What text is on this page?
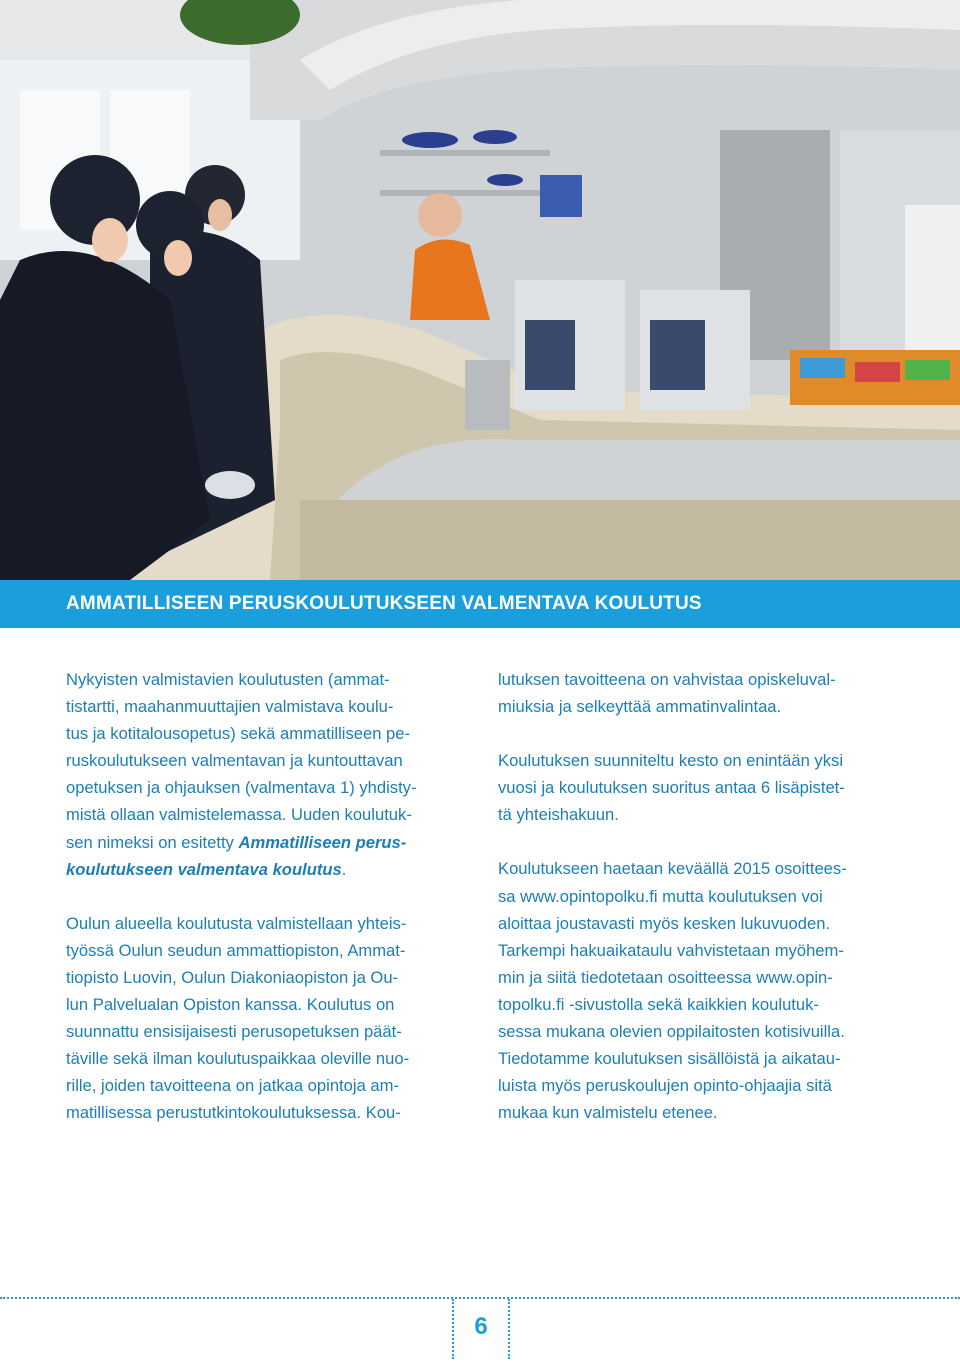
AMMATILLISEEN PERUSKOULUTUKSEEN VALMENTAVA KOULUTUS

Nykyisten valmistavien koulutusten (ammat-
tistartti, maahanmuuttajien valmistava koulu-
tus ja kotitalousopetus) sekä ammatilliseen pe-
ruskoulutukseen valmentavan ja kuntouttavan
opetuksen ja ohjauksen (valmentava 1) yhdisty-
mistä ollaan valmistelemassa. Uuden koulutuk-
sen nimeksi on esitetty Ammatilliseen perus-
koulutukseen valmentava koulutus.

Oulun alueella koulutusta valmistellaan yhteis-
työssä Oulun seudun ammattiopiston, Ammat-
tiopisto Luovin, Oulun Diakoniaopiston ja Ou-
lun Palvelualan Opiston kanssa. Koulutus on
suunnattu ensisijaisesti perusopetuksen päät-
täville sekä ilman koulutuspaikkaa oleville nuo-
rille, joiden tavoitteena on jatkaa opintoja am-
matillisessa perustutkintokoulutuksessa. Kou-

lutuksen tavoitteena on vahvistaa opiskeluval-
miuksia ja selkeyttää ammatinvalintaa.

Koulutuksen suunniteltu kesto on enintään yksi
vuosi ja koulutuksen suoritus antaa 6 lisäpistet-
tä yhteishakuun.

Koulutukseen haetaan keväällä 2015 osoittees-
sa www.opintopolku.fi mutta koulutuksen voi
aloittaa joustavasti myös kesken lukuvuoden.
Tarkempi hakuaikataulu vahvistetaan myöhem-
min ja siitä tiedotetaan osoitteessa www.opin-
topolku.fi -sivustolla sekä kaikkien koulutuk-
sessa mukana olevien oppilaitosten kotisivuilla.
Tiedotamme koulutuksen sisällöistä ja aikatau-
luista myös peruskoulujen opinto-ohjaajia sitä
mukaa kun valmistelu etenee.

6
